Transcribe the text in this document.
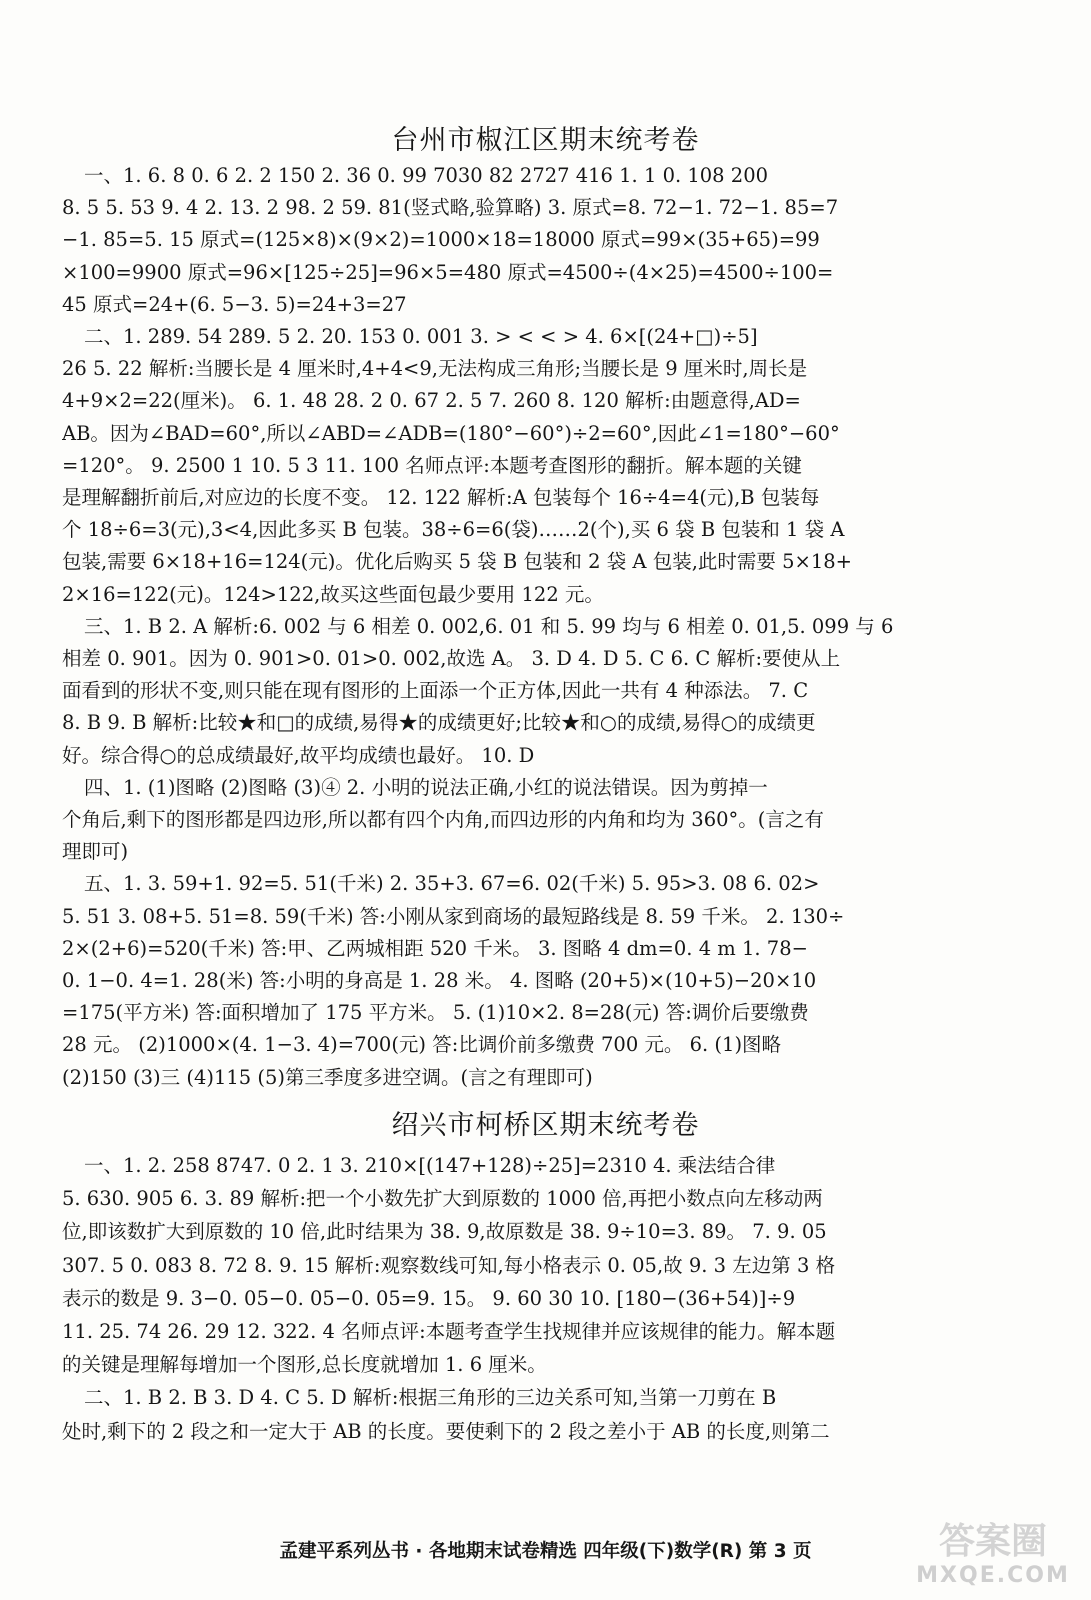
台州市椒江区期末统考卷
一、1. 6. 8 0. 6 2. 2 150 2. 36 0. 99 7030 82 2727 416 1. 1 0. 108 200
8. 5 5. 53 9. 4 2. 13. 2 98. 2 59. 81(竖式略,验算略) 3. 原式=8. 72−1. 72−1. 85=7
−1. 85=5. 15 原式=(125×8)×(9×2)=1000×18=18000 原式=99×(35+65)=99
×100=9900 原式=96×[125÷25]=96×5=480 原式=4500÷(4×25)=4500÷100=
45 原式=24+(6. 5−3. 5)=24+3=27
二、1. 289. 54 289. 5 2. 20. 153 0. 001 3. > < < > 4. 6×[(24+□)÷5]
26 5. 22 解析:当腰长是 4 厘米时,4+4<9,无法构成三角形;当腰长是 9 厘米时,周长是
4+9×2=22(厘米)。 6. 1. 48 28. 2 0. 67 2. 5 7. 260 8. 120 解析:由题意得,AD=
AB。因为∠BAD=60°,所以∠ABD=∠ADB=(180°−60°)÷2=60°,因此∠1=180°−60°
=120°。 9. 2500 1 10. 5 3 11. 100 名师点评:本题考查图形的翻折。解本题的关键
是理解翻折前后,对应边的长度不变。 12. 122 解析:A 包装每个 16÷4=4(元),B 包装每
个 18÷6=3(元),3<4,因此多买 B 包装。38÷6=6(袋)……2(个),买 6 袋 B 包装和 1 袋 A
包装,需要 6×18+16=124(元)。优化后购买 5 袋 B 包装和 2 袋 A 包装,此时需要 5×18+
2×16=122(元)。124>122,故买这些面包最少要用 122 元。
三、1. B 2. A 解析:6. 002 与 6 相差 0. 002,6. 01 和 5. 99 均与 6 相差 0. 01,5. 099 与 6
相差 0. 901。因为 0. 901>0. 01>0. 002,故选 A。 3. D 4. D 5. C 6. C 解析:要使从上
面看到的形状不变,则只能在现有图形的上面添一个正方体,因此一共有 4 种添法。 7. C
8. B 9. B 解析:比较★和□的成绩,易得★的成绩更好;比较★和○的成绩,易得○的成绩更
好。综合得○的总成绩最好,故平均成绩也最好。 10. D
四、1. (1)图略 (2)图略 (3)④ 2. 小明的说法正确,小红的说法错误。因为剪掉一
个角后,剩下的图形都是四边形,所以都有四个内角,而四边形的内角和均为 360°。(言之有
理即可)
五、1. 3. 59+1. 92=5. 51(千米) 2. 35+3. 67=6. 02(千米) 5. 95>3. 08 6. 02>
5. 51 3. 08+5. 51=8. 59(千米) 答:小刚从家到商场的最短路线是 8. 59 千米。 2. 130÷
2×(2+6)=520(千米) 答:甲、乙两城相距 520 千米。 3. 图略 4 dm=0. 4 m 1. 78−
0. 1−0. 4=1. 28(米) 答:小明的身高是 1. 28 米。 4. 图略 (20+5)×(10+5)−20×10
=175(平方米) 答:面积增加了 175 平方米。 5. (1)10×2. 8=28(元) 答:调价后要缴费
28 元。 (2)1000×(4. 1−3. 4)=700(元) 答:比调价前多缴费 700 元。 6. (1)图略
(2)150 (3)三 (4)115 (5)第三季度多进空调。(言之有理即可)
绍兴市柯桥区期末统考卷
一、1. 2. 258 8747. 0 2. 1 3. 210×[(147+128)÷25]=2310 4. 乘法结合律
5. 630. 905 6. 3. 89 解析:把一个小数先扩大到原数的 1000 倍,再把小数点向左移动两
位,即该数扩大到原数的 10 倍,此时结果为 38. 9,故原数是 38. 9÷10=3. 89。 7. 9. 05
307. 5 0. 083 8. 72 8. 9. 15 解析:观察数线可知,每小格表示 0. 05,故 9. 3 左边第 3 格
表示的数是 9. 3−0. 05−0. 05−0. 05=9. 15。 9. 60 30 10. [180−(36+54)]÷9
11. 25. 74 26. 29 12. 322. 4 名师点评:本题考查学生找规律并应该规律的能力。解本题
的关键是理解每增加一个图形,总长度就增加 1. 6 厘米。
二、1. B 2. B 3. D 4. C 5. D 解析:根据三角形的三边关系可知,当第一刀剪在 B
处时,剩下的 2 段之和一定大于 AB 的长度。要使剩下的 2 段之差小于 AB 的长度,则第二
孟建平系列丛书 · 各地期末试卷精选 四年级(下)数学(R) 第 3 页	答案圈
MXQE.COM
